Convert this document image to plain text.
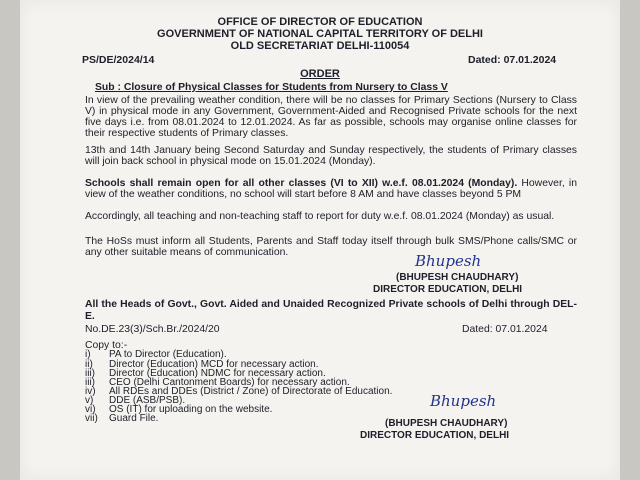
OFFICE OF DIRECTOR OF EDUCATION
GOVERNMENT OF NATIONAL CAPITAL TERRITORY OF DELHI
OLD SECRETARIAT DELHI-110054
PS/DE/2024/14	Dated: 07.01.2024
ORDER
Sub : Closure of Physical Classes for Students from Nursery to Class V

In view of the prevailing weather condition, there will be no classes for Primary Sections (Nursery to Class V) in physical mode in any Government, Government-Aided and Recognised Private schools for the next five days i.e. from 08.01.2024 to 12.01.2024. As far as possible, schools may organise online classes for their respective students of Primary classes.

13th and 14th January being Second Saturday and Sunday respectively, the students of Primary classes will join back school in physical mode on 15.01.2024 (Monday).

Schools shall remain open for all other classes (VI to XII) w.e.f. 08.01.2024 (Monday). However, in view of the weather conditions, no school will start before 8 AM and have classes beyond 5 PM

Accordingly, all teaching and non-teaching staff to report for duty w.e.f. 08.01.2024 (Monday) as usual.

The HoSs must inform all Students, Parents and Staff today itself through bulk SMS/Phone calls/SMC or any other suitable means of communication.	Bhupesh
(BHUPESH CHAUDHARY)
DIRECTOR EDUCATION, DELHI

All the Heads of Govt., Govt. Aided and Unaided Recognized Private schools of Delhi through DEL-E.

No.DE.23(3)/Sch.Br./2024/20	Dated: 07.01.2024
Copy to:-
i) PA to Director (Education).
ii) Director (Education) MCD for necessary action.
iii) Director (Education) NDMC for necessary action.
iii) CEO (Delhi Cantonment Boards) for necessary action.
iv) All RDEs and DDEs (District / Zone) of Directorate of Education.
v) DDE (ASB/PSB).
vi) OS (IT) for uploading on the website.
vii) Guard File.
Bhupesh
(BHUPESH CHAUDHARY)
DIRECTOR EDUCATION, DELHI
